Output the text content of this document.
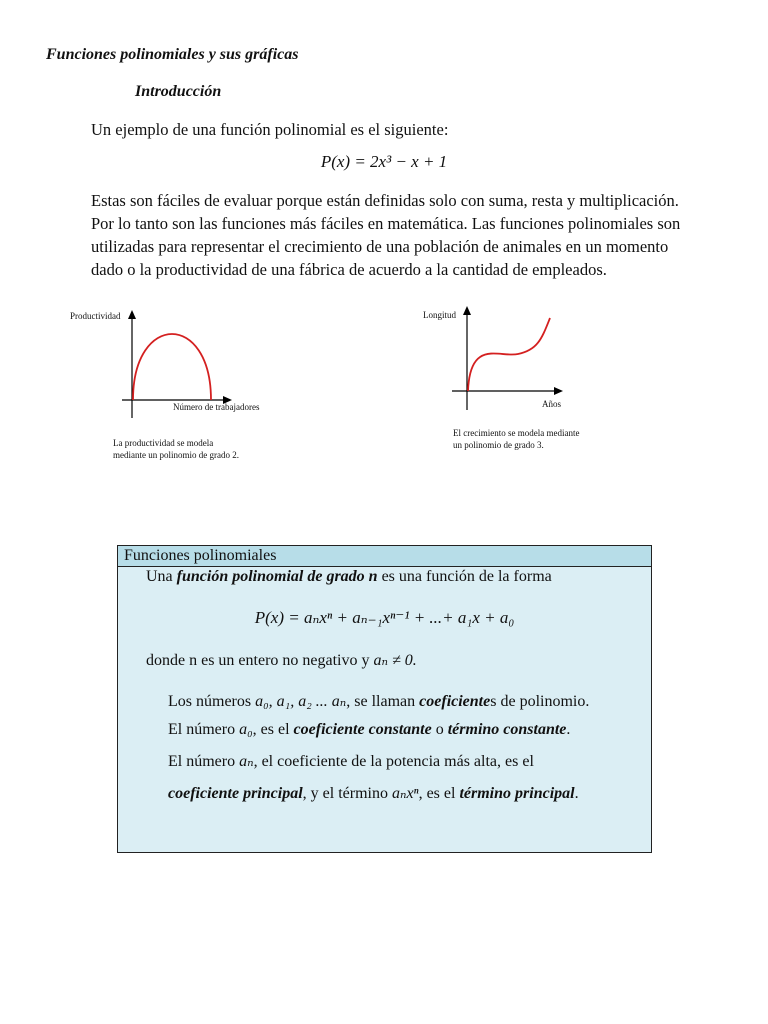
Funciones polinomiales y sus gráficas
Introducción
Un ejemplo de una función polinomial es el siguiente:
P(x) = 2x³ − x + 1
Estas son fáciles de evaluar porque están definidas solo con suma, resta y multiplicación.
Por lo tanto son las funciones más fáciles en matemática. Las funciones polinomiales son
utilizadas para representar el crecimiento de una población de animales en un momento
dado o la productividad de una fábrica de acuerdo a la cantidad de empleados.
Productividad
Número de trabajadores
La productividad se modela
mediante un polinomio de grado 2.
Longitud
Años
El crecimiento se modela mediante
un polinomio de grado 3.
Funciones polinomiales
Una función polinomial de grado n es una función de la forma
P(x) = aₙxⁿ + aₙ₋₁xⁿ⁻¹ + ...+ a₁x + a₀
donde n es un entero no negativo y aₙ ≠ 0.
Los números a₀, a₁, a₂ ... aₙ, se llaman coeficientes de polinomio.
El número a₀, es el coeficiente constante o término constante.
El número aₙ, el coeficiente de la potencia más alta, es el
coeficiente principal, y el término aₙxⁿ, es el término principal.
